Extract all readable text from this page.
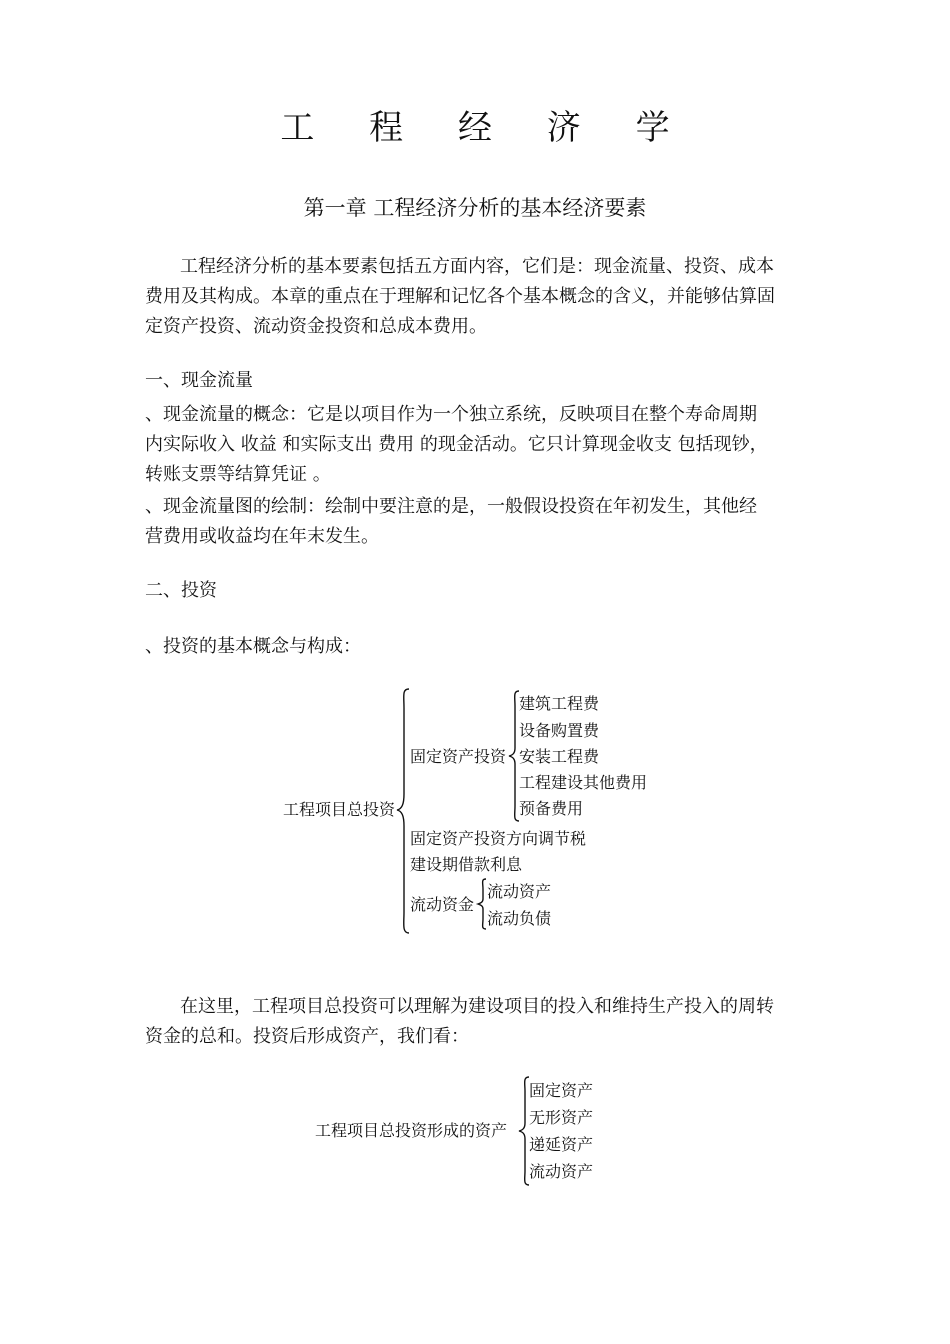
工 程 经 济 学
第一章 工程经济分析的基本经济要素
工程经济分析的基本要素包括五方面内容，它们是：现金流量、投资、成本
费用及其构成。本章的重点在于理解和记忆各个基本概念的含义，并能够估算固
定资产投资、流动资金投资和总成本费用。
一、现金流量
、现金流量的概念：它是以项目作为一个独立系统，反映项目在整个寿命周期
内实际收入 收益 和实际支出 费用 的现金活动。它只计算现金收支 包括现钞，
转账支票等结算凭证 。
、现金流量图的绘制：绘制中要注意的是，一般假设投资在年初发生，其他经
营费用或收益均在年末发生。
二、投资
、投资的基本概念与构成：
工程项目总投资
固定资产投资
建筑工程费
设备购置费
安装工程费
工程建设其他费用
预备费用
固定资产投资方向调节税
建设期借款利息
流动资金
流动资产
流动负债
在这里，工程项目总投资可以理解为建设项目的投入和维持生产投入的周转
资金的总和。投资后形成资产，我们看：
工程项目总投资形成的资产
固定资产
无形资产
递延资产
流动资产
